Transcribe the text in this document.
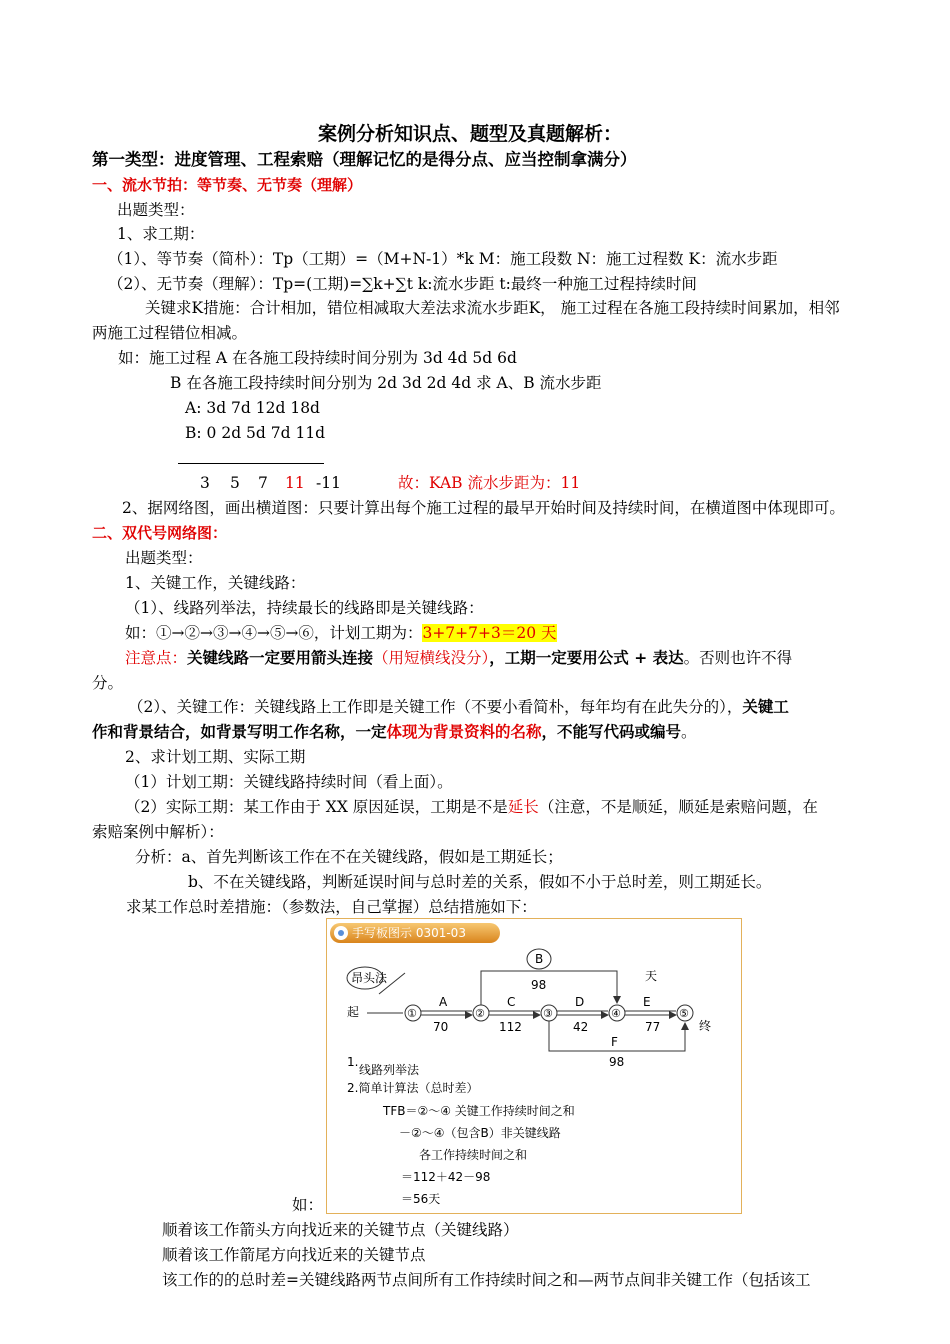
案例分析知识点、题型及真题解析：
第一类型：进度管理、工程索赔（理解记忆的是得分点、应当控制拿满分）
一、流水节拍：等节奏、无节奏（理解）
出题类型：
1、求工期：
（1）、等节奏（简朴）：Tp（工期）=（M+N-1）*k M：施工段数 N：施工过程数 K：流水步距
（2）、无节奏（理解）：Tp=(工期)=∑k+∑t k:流水步距 t:最终一种施工过程持续时间
关键求K措施：合计相加，错位相减取大差法求流水步距K， 施工过程在各施工段持续时间累加，相邻
两施工过程错位相减。
如：施工过程 A 在各施工段持续时间分别为 3d 4d 5d 6d
B 在各施工段持续时间分别为 2d 3d 2d 4d 求 A、B 流水步距
A: 3d 7d 12d 18d
B: 0 2d 5d 7d 11d
3 5 7 11 -11	故：KAB 流水步距为：11
2、据网络图，画出横道图：只要计算出每个施工过程的最早开始时间及持续时间，在横道图中体现即可。
二、双代号网络图：
出题类型：
1、关键工作，关键线路：
（1）、线路列举法，持续最长的线路即是关键线路：
如：①→②→③→④→⑤→⑥，计划工期为：3+7+7+3＝20 天
注意点：关键线路一定要用箭头连接（用短横线没分），工期一定要用公式 + 表达。否则也许不得
分。
（2）、关键工作：关键线路上工作即是关键工作（不要小看简朴，每年均有在此失分的），关键工
作和背景结合，如背景写明工作名称，一定体现为背景资料的名称，不能写代码或编号。
2、求计划工期、实际工期
（1）计划工期：关键线路持续时间（看上面）。
（2）实际工期：某工作由于 XX 原因延误，工期是不是延长（注意，不是顺延，顺延是索赔问题，在
索赔案例中解析）：
分析：a、首先判断该工作在不在关键线路，假如是工期延长；
b、不在关键线路，判断延误时间与总时差的关系，假如不小于总时差，则工期延长。
求某工作总时差措施：（参数法，自己掌握）总结措施如下：
手写板图示 0301-03
昂头法
起
终
天
①	②	③	④	⑤
A
70
C
112
D
42
E
77
B
98
F
98
1.
线路列举法
2.简单计算法（总时差）
TFB＝②～④ 关键工作持续时间之和
－②～④（包含B）非关键线路
各工作持续时间之和
＝112＋42－98
＝56天
如：
顺着该工作箭头方向找近来的关键节点（关键线路）
顺着该工作箭尾方向找近来的关键节点
该工作的的总时差=关键线路两节点间所有工作持续时间之和—两节点间非关键工作（包括该工
